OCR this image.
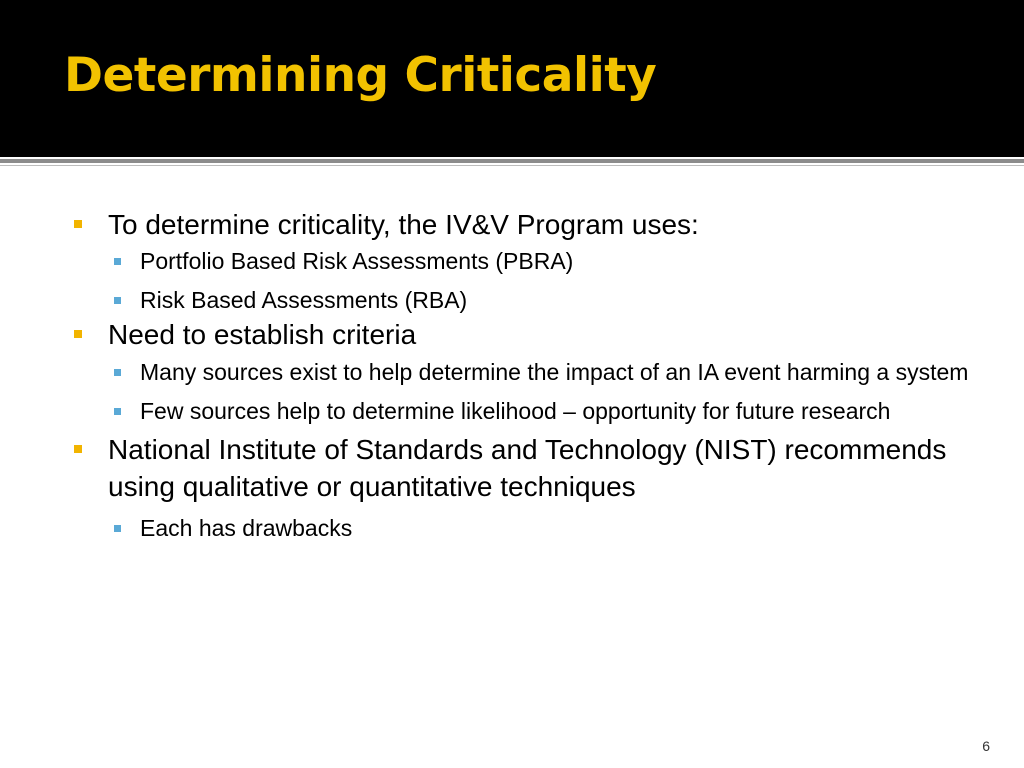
Determining Criticality
To determine criticality, the IV&V Program uses:
Portfolio Based Risk Assessments (PBRA)
Risk Based Assessments (RBA)
Need to establish criteria
Many sources exist to help determine the impact of an IA event harming a system
Few sources help to determine likelihood – opportunity for future research
National Institute of Standards and Technology (NIST) recommends using qualitative or quantitative techniques
Each has drawbacks
6
